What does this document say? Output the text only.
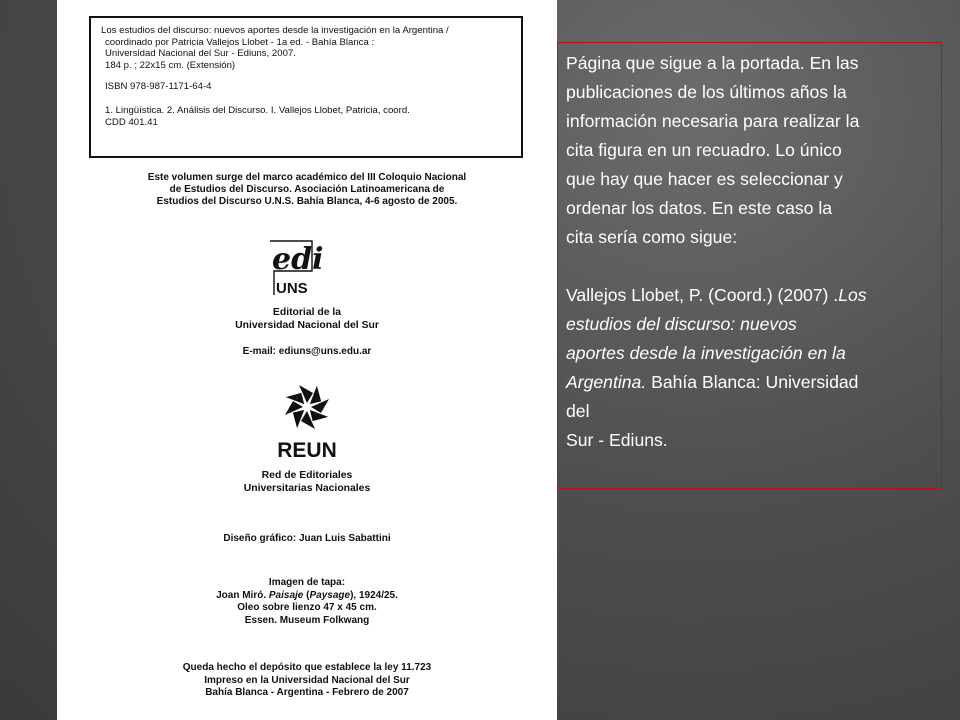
Los estudios del discurso: nuevos aportes desde la investigación en la Argentina /
coordinado por Patricia Vallejos Llobet - 1a ed. - Bahía Blanca :
Universidad Nacional del Sur - Ediuns, 2007.
184 p. ; 22x15 cm. (Extensión)
ISBN 978-987-1171-64-4
1. Lingüística. 2. Análisis del Discurso. I. Vallejos Llobet, Patricia, coord.
CDD 401.41
Este volumen surge del marco académico del III Coloquio Nacional
de Estudios del Discurso. Asociación Latinoamericana de
Estudios del Discurso U.N.S. Bahía Blanca, 4-6 agosto de 2005.
edi
UNS
Editorial de la
Universidad Nacional del Sur
E-mail: ediuns@uns.edu.ar
REUN
Red de Editoriales
Universitarias Nacionales
Diseño gráfico: Juan Luis Sabattini
Imagen de tapa:
Joan Miró. Paisaje (Paysage), 1924/25.
Oleo sobre lienzo 47 x 45 cm.
Essen. Museum Folkwang
Queda hecho el depósito que establece la ley 11.723
Impreso en la Universidad Nacional del Sur
Bahía Blanca - Argentina - Febrero de 2007

Página que sigue a la portada. En las

publicaciones de los últimos años la

información necesaria para realizar la

cita figura en un recuadro. Lo único

que hay que hacer es seleccionar y

ordenar los datos. En este caso la

cita sería como sigue:

Vallejos Llobet, P. (Coord.) (2007) .Los

estudios del discurso: nuevos

aportes desde la investigación en la

Argentina. Bahía Blanca: Universidad

del

Sur - Ediuns.
